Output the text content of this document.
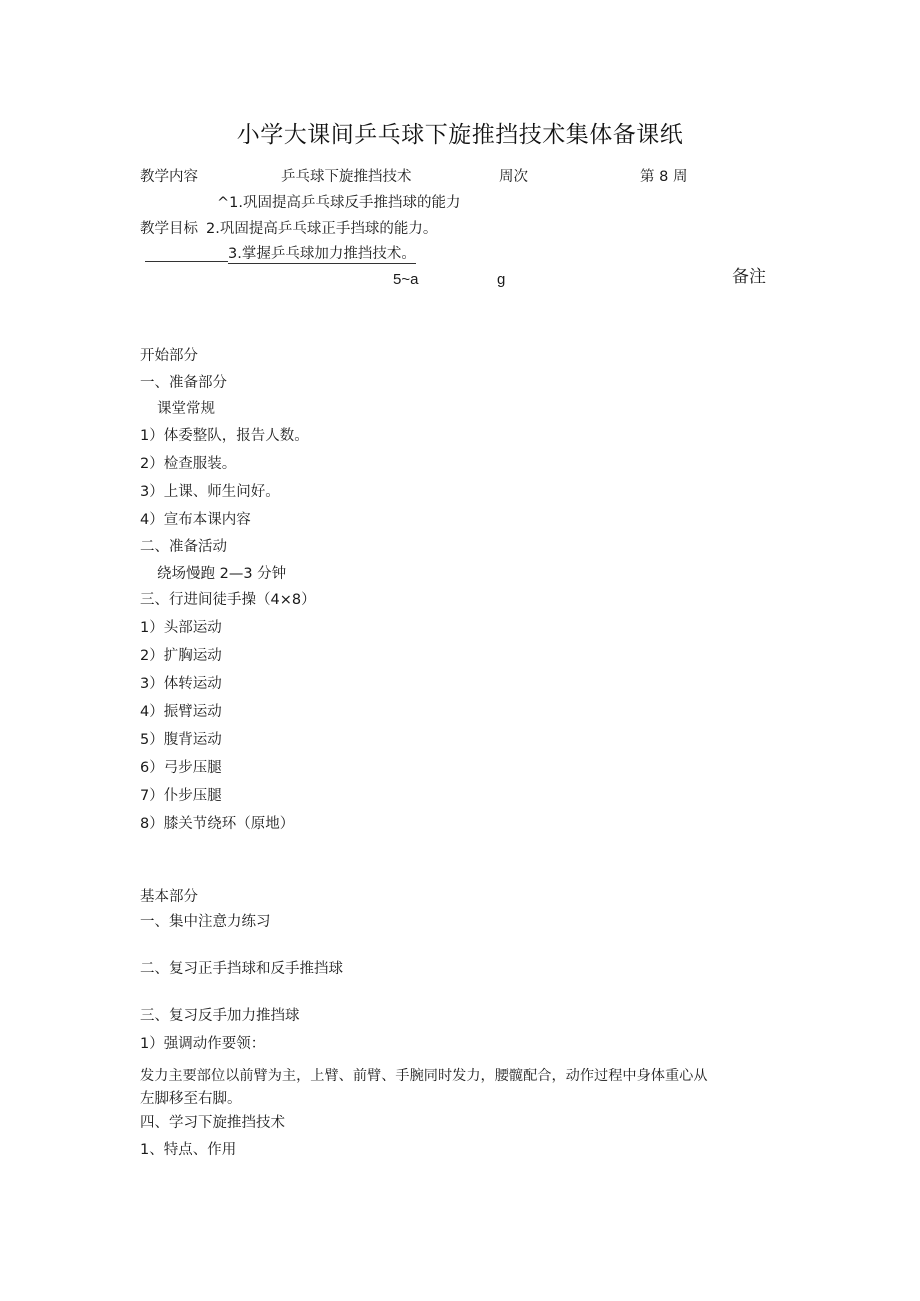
小学大课间乒乓球下旋推挡技术集体备课纸
教学内容	乒乓球下旋推挡技术	周次	第 8 周
^1.巩固提高乒乓球反手推挡球的能力
教学目标 2.巩固提高乒乓球正手挡球的能力。
3.掌握乒乓球加力推挡技术。
5~a	g	备注
开始部分
一、准备部分
课堂常规
1）体委整队，报告人数。
2）检查服装。
3）上课、师生问好。
4）宣布本课内容
二、准备活动
绕场慢跑 2—3 分钟
三、行进间徒手操（4×8）
1）头部运动
2）扩胸运动
3）体转运动
4）振臂运动
5）腹背运动
6）弓步压腿
7）仆步压腿
8）膝关节绕环（原地）
基本部分
一、集中注意力练习
二、复习正手挡球和反手推挡球
三、复习反手加力推挡球
1）强调动作要领：
发力主要部位以前臂为主，上臂、前臂、手腕同时发力，腰髋配合，动作过程中身体重心从
左脚移至右脚。
四、学习下旋推挡技术
1、特点、作用
